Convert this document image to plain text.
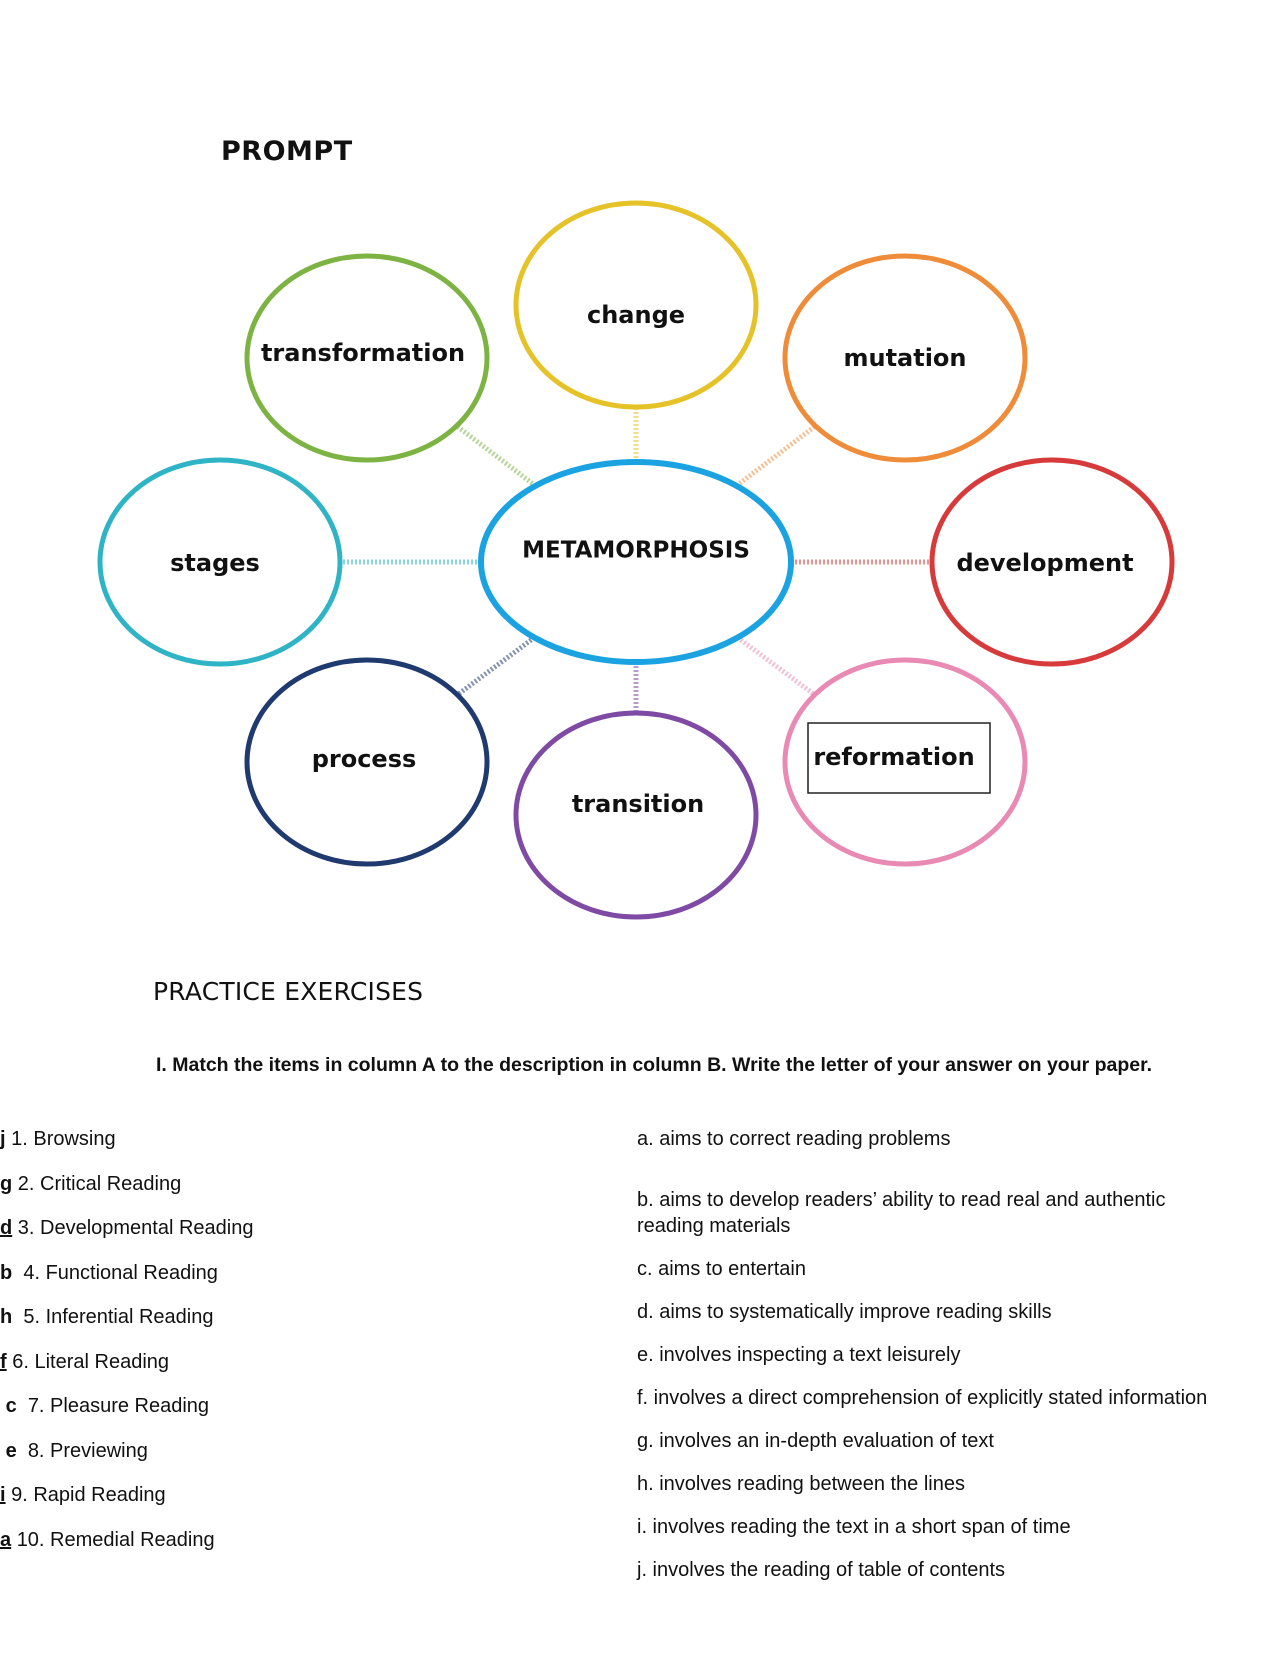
PROMPT
transformation
change
mutation
stages	development
process
transition
reformation
METAMORPHOSIS
PRACTICE EXERCISES
I. Match the items in column A to the description in column B. Write the letter of your answer on your paper.
j 1. Browsing
g 2. Critical Reading
d 3. Developmental Reading
b 4. Functional Reading
h 5. Inferential Reading
f 6. Literal Reading
c 7. Pleasure Reading
e 8. Previewing
i 9. Rapid Reading
a 10. Remedial Reading
a. aims to correct reading problems
b. aims to develop readers’ ability to read real and authentic reading materials
c. aims to entertain
d. aims to systematically improve reading skills
e. involves inspecting a text leisurely
f. involves a direct comprehension of explicitly stated information
g. involves an in-depth evaluation of text
h. involves reading between the lines
i. involves reading the text in a short span of time
j. involves the reading of table of contents
